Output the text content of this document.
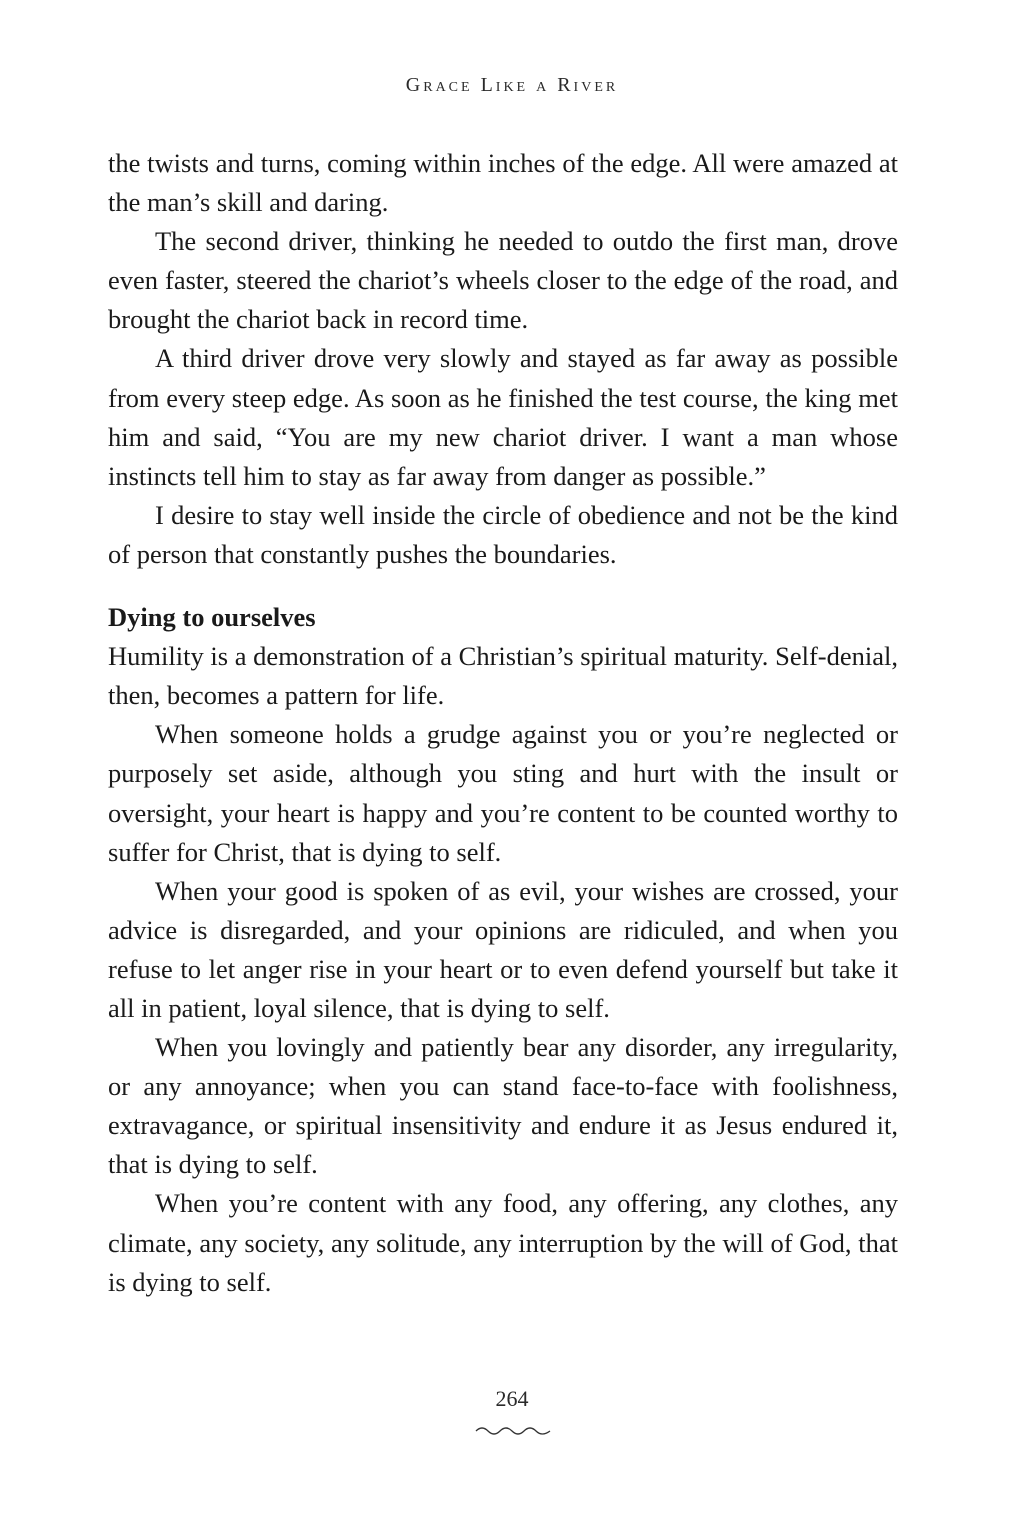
Grace Like a River

the twists and turns, coming within inches of the edge. All were amazed at the man’s skill and daring.

The second driver, thinking he needed to outdo the first man, drove even faster, steered the chariot’s wheels closer to the edge of the road, and brought the chariot back in record time.

A third driver drove very slowly and stayed as far away as possible from every steep edge. As soon as he finished the test course, the king met him and said, “You are my new chariot driver. I want a man whose instincts tell him to stay as far away from danger as possible.”

I desire to stay well inside the circle of obedience and not be the kind of person that constantly pushes the boundaries.

Dying to ourselves

Humility is a demonstration of a Christian’s spiritual maturity. Self-denial, then, becomes a pattern for life.

When someone holds a grudge against you or you’re neglected or purposely set aside, although you sting and hurt with the insult or oversight, your heart is happy and you’re content to be counted worthy to suffer for Christ, that is dying to self.

When your good is spoken of as evil, your wishes are crossed, your advice is disregarded, and your opinions are ridiculed, and when you refuse to let anger rise in your heart or to even defend yourself but take it all in patient, loyal silence, that is dying to self.

When you lovingly and patiently bear any disorder, any irregularity, or any annoyance; when you can stand face-to-face with foolishness, extravagance, or spiritual insensitivity and endure it as Jesus endured it, that is dying to self.

When you’re content with any food, any offering, any clothes, any climate, any society, any solitude, any interruption by the will of God, that is dying to self.

264
